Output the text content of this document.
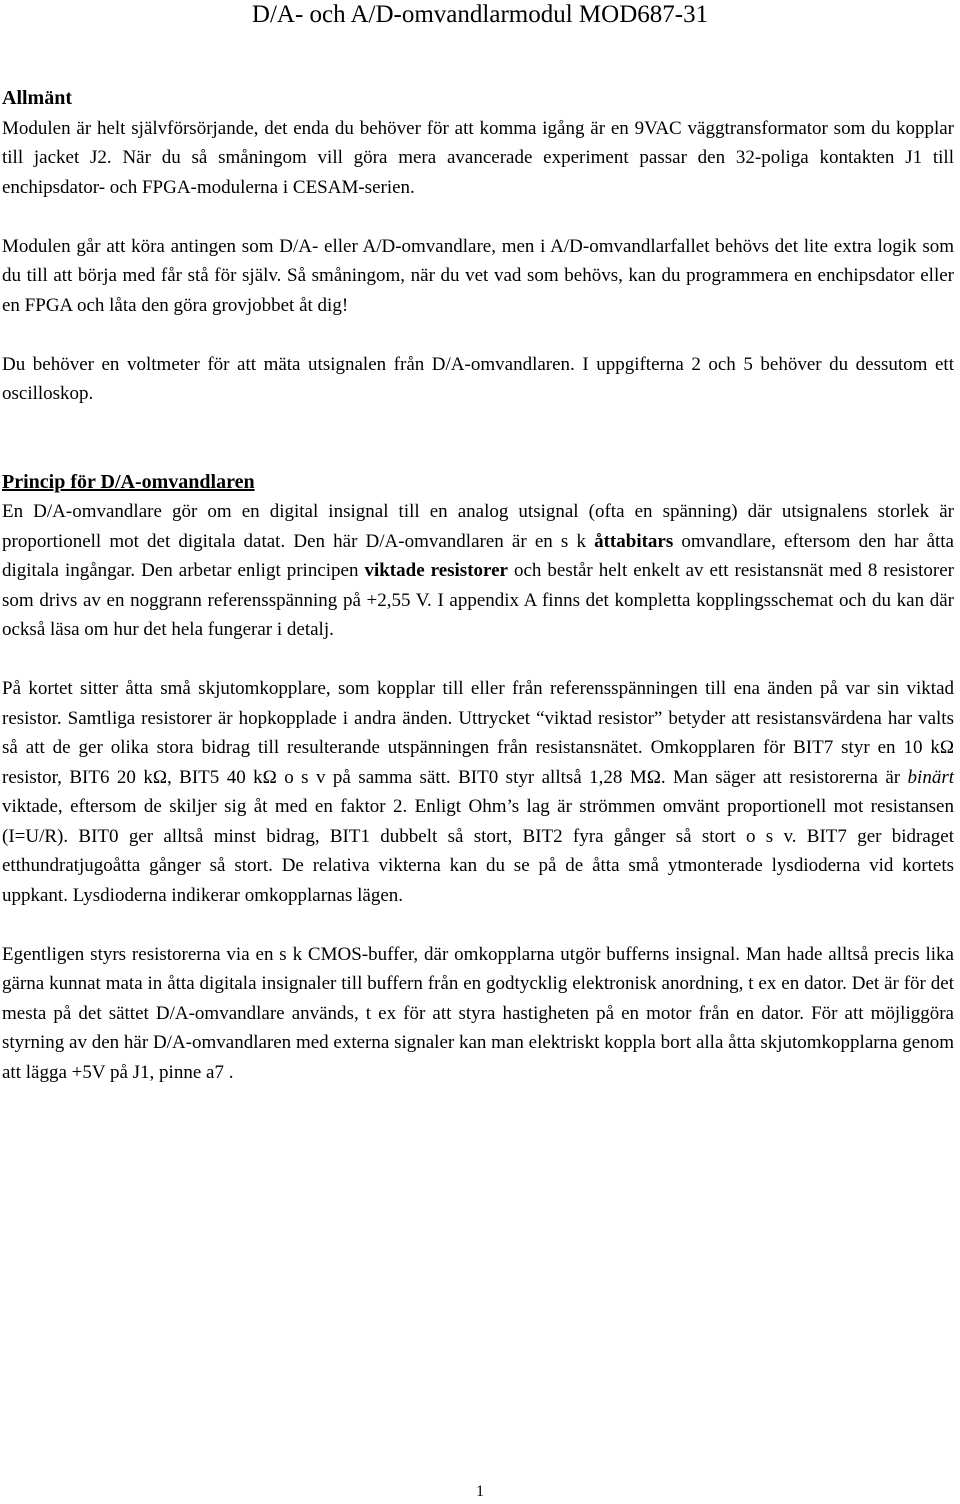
D/A- och A/D-omvandlarmodul MOD687-31

Allmänt

Modulen är helt självförsörjande, det enda du behöver för att komma igång är en 9VAC väggtransformator som du kopplar till jacket J2. När du så småningom vill göra mera avancerade experiment passar den 32-poliga kontakten J1 till enchipsdator- och FPGA-modulerna i CESAM-serien.

Modulen går att köra antingen som D/A- eller A/D-omvandlare, men i A/D-omvandlarfallet behövs det lite extra logik som du till att börja med får stå för själv. Så småningom, när du vet vad som behövs, kan du programmera en enchipsdator eller en FPGA och låta den göra grovjobbet åt dig!

Du behöver en voltmeter för att mäta utsignalen från D/A-omvandlaren. I uppgifterna 2 och 5 behöver du dessutom ett oscilloskop.

Princip för D/A-omvandlaren

En D/A-omvandlare gör om en digital insignal till en analog utsignal (ofta en spänning) där utsignalens storlek är proportionell mot det digitala datat. Den här D/A-omvandlaren är en s k åttabitars omvandlare, eftersom den har åtta digitala ingångar. Den arbetar enligt principen viktade resistorer och består helt enkelt av ett resistansnät med 8 resistorer som drivs av en noggrann referensspänning på +2,55 V. I appendix A finns det kompletta kopplingsschemat och du kan där också läsa om hur det hela fungerar i detalj.

På kortet sitter åtta små skjutomkopplare, som kopplar till eller från referensspänningen till ena änden på var sin viktad resistor. Samtliga resistorer är hopkopplade i andra änden. Uttrycket “viktad resistor” betyder att resistansvärdena har valts så att de ger olika stora bidrag till resulterande utspänningen från resistansnätet. Omkopplaren för BIT7 styr en 10 kΩ resistor, BIT6 20 kΩ, BIT5 40 kΩ o s v på samma sätt. BIT0 styr alltså 1,28 MΩ. Man säger att resistorerna är binärt viktade, eftersom de skiljer sig åt med en faktor 2. Enligt Ohm’s lag är strömmen omvänt proportionell mot resistansen (I=U/R). BIT0 ger alltså minst bidrag, BIT1 dubbelt så stort, BIT2 fyra gånger så stort o s v. BIT7 ger bidraget etthundratjugoåtta gånger så stort. De relativa vikterna kan du se på de åtta små ytmonterade lysdioderna vid kortets uppkant. Lysdioderna indikerar omkopplarnas lägen.

Egentligen styrs resistorerna via en s k CMOS-buffer, där omkopplarna utgör bufferns insignal. Man hade alltså precis lika gärna kunnat mata in åtta digitala insignaler till buffern från en godtycklig elektronisk anordning, t ex en dator. Det är för det mesta på det sättet D/A-omvandlare används, t ex för att styra hastigheten på en motor från en dator. För att möjliggöra styrning av den här D/A-omvandlaren med externa signaler kan man elektriskt koppla bort alla åtta skjutomkopplarna genom att lägga +5V på J1, pinne a7 .

1
